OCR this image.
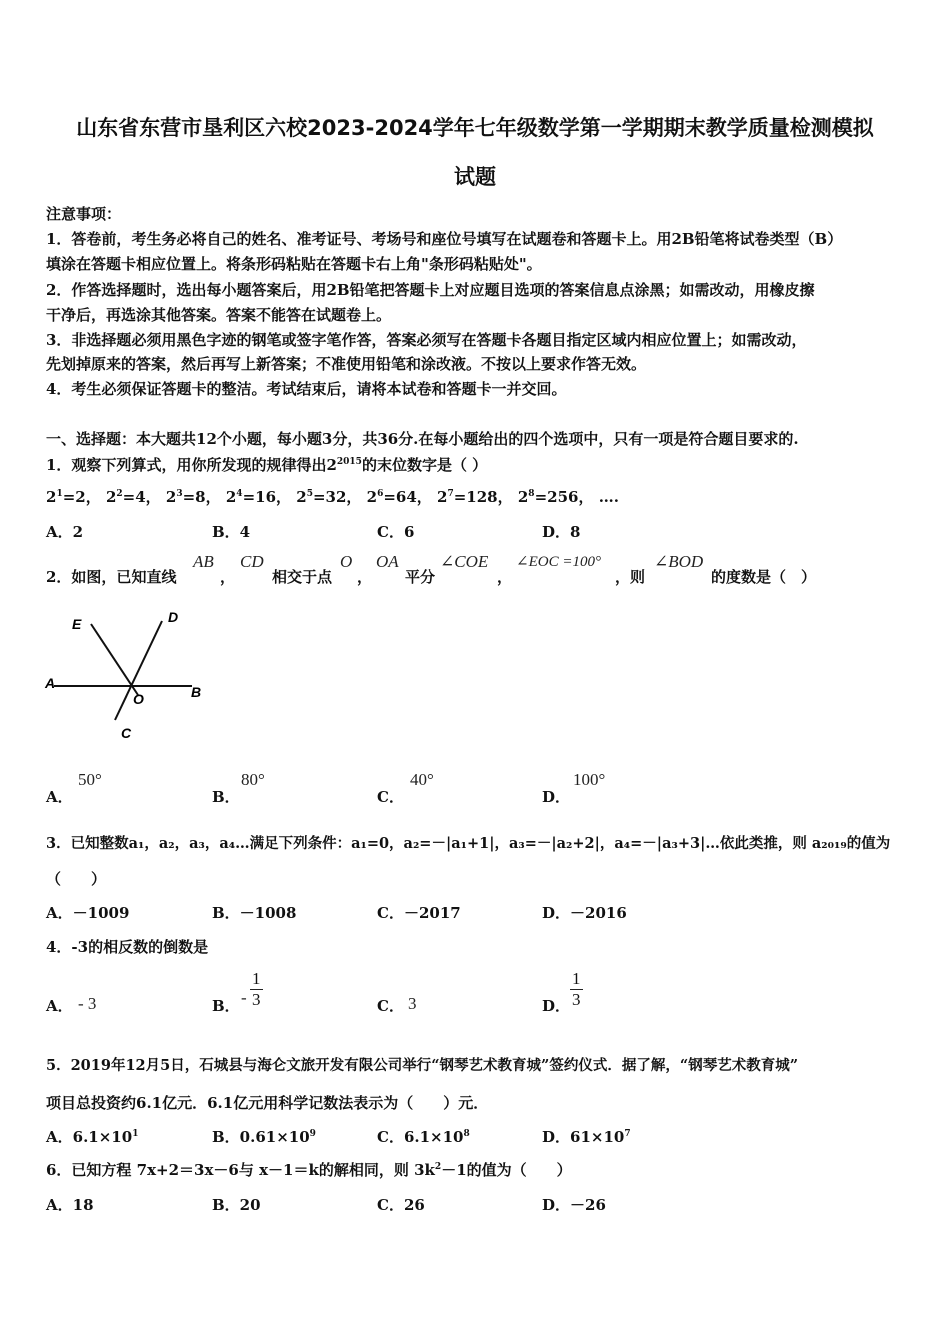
山东省东营市垦利区六校2023-2024学年七年级数学第一学期期末教学质量检测模拟
试题
注意事项：
1．答卷前，考生务必将自己的姓名、准考证号、考场号和座位号填写在试题卷和答题卡上。用2B铅笔将试卷类型（B）
填涂在答题卡相应位置上。将条形码粘贴在答题卡右上角"条形码粘贴处"。
2．作答选择题时，选出每小题答案后，用2B铅笔把答题卡上对应题目选项的答案信息点涂黑；如需改动，用橡皮擦
干净后，再选涂其他答案。答案不能答在试题卷上。
3．非选择题必须用黑色字迹的钢笔或签字笔作答，答案必须写在答题卡各题目指定区域内相应位置上；如需改动，
先划掉原来的答案，然后再写上新答案；不准使用铅笔和涂改液。不按以上要求作答无效。
4．考生必须保证答题卡的整洁。考试结束后，请将本试卷和答题卡一并交回。
一、选择题：本大题共12个小题，每小题3分，共36分.在每小题给出的四个选项中，只有一项是符合题目要求的.
1．观察下列算式，用你所发现的规律得出$2^{2015}$的末位数字是（ ）
$2^1=2$， $2^2=4$， $2^3=8$， $2^4=16$， $2^5=32$， $2^6=64$， $2^7=128$， $2^8=256$， ….
A．2	B．4	C．6	D．8
2．如图，已知直线
AB
，
CD
相交于点
O
，
OA
平分
∠COE
，
∠EOC =100°
，则
∠BOD
的度数是（　）
E	D
A
O	B
C
A．
50°
B．
80°
C．
40°
D．
100°
3．已知整数a₁，a₂，a₃，a₄…满足下列条件：a₁=0，a₂=－|a₁+1|，a₃=－|a₂+2|，a₄=－|a₃+3|…依此类推，则 a₂₀₁₉的值为
（　　）
A．－1009	B．－1008	C．－2017	D．－2016
4．-3的相反数的倒数是
A． - 3	B． - $\frac{1}{3}$	C． 3	D． $\frac{1}{3}$
5．2019年12月5日，石城县与海仑文旅开发有限公司举行“钢琴艺术教育城”签约仪式．据了解，“钢琴艺术教育城”
项目总投资约6.1亿元．6.1亿元用科学记数法表示为（　　）元．
A．$6.1\times 10^1$	B．$0.61\times 10^9$	C．$6.1\times 10^8$	D．$61\times 10^7$
6．已知方程 7x+2＝3x－6与 x－1＝k的解相同，则 $3k^2-1$的值为（　　）
A．18	B．20	C．26	D．－26
